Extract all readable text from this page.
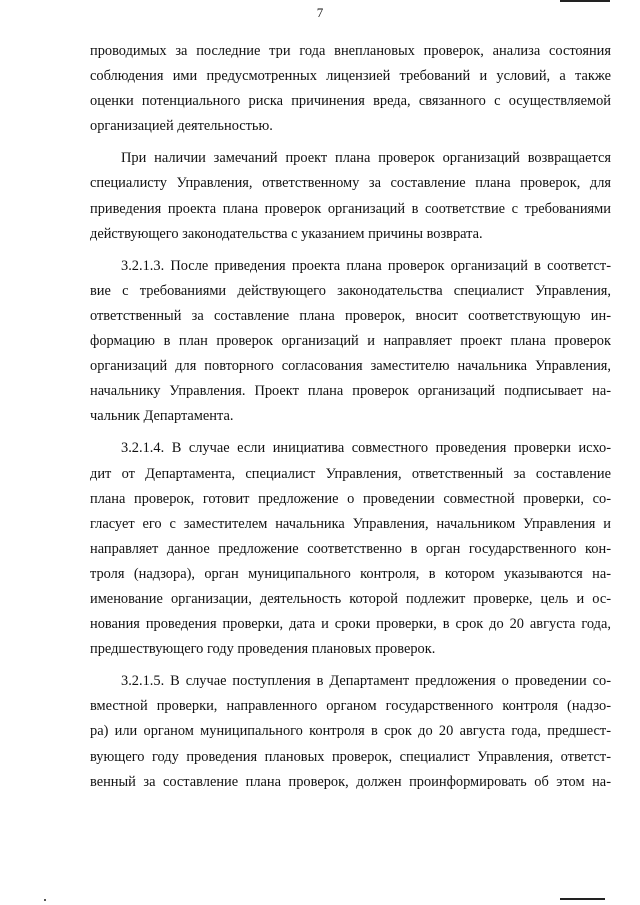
7
проводимых за последние три года внеплановых проверок, анализа состояния
соблюдения ими предусмотренных лицензией требований и условий, а также
оценки потенциального риска причинения вреда, связанного с осуществляемой
организацией деятельностью.
При наличии замечаний проект плана проверок организаций возвращается
специалисту Управления, ответственному за составление плана проверок, для
приведения проекта плана проверок организаций в соответствие с требованиями
действующего законодательства с указанием причины возврата.
3.2.1.3. После приведения проекта плана проверок организаций в соответст-
вие с требованиями действующего законодательства специалист Управления,
ответственный за составление плана проверок, вносит соответствующую ин-
формацию в план проверок организаций и направляет проект плана проверок
организаций для повторного согласования заместителю начальника Управления,
начальнику Управления. Проект плана проверок организаций подписывает на-
чальник Департамента.
3.2.1.4. В случае если инициатива совместного проведения проверки исхо-
дит от Департамента, специалист Управления, ответственный за составление
плана проверок, готовит предложение о проведении совместной проверки, со-
гласует его с заместителем начальника Управления, начальником Управления и
направляет данное предложение соответственно в орган государственного кон-
троля (надзора), орган муниципального контроля, в котором указываются на-
именование организации, деятельность которой подлежит проверке, цель и ос-
нования проведения проверки, дата и сроки проверки, в срок до 20 августа года,
предшествующего году проведения плановых проверок.
3.2.1.5. В случае поступления в Департамент предложения о проведении со-
вместной проверки, направленного органом государственного контроля (надзо-
ра) или органом муниципального контроля в срок до 20 августа года, предшест-
вующего году проведения плановых проверок, специалист Управления, ответст-
венный за составление плана проверок, должен проинформировать об этом на-
